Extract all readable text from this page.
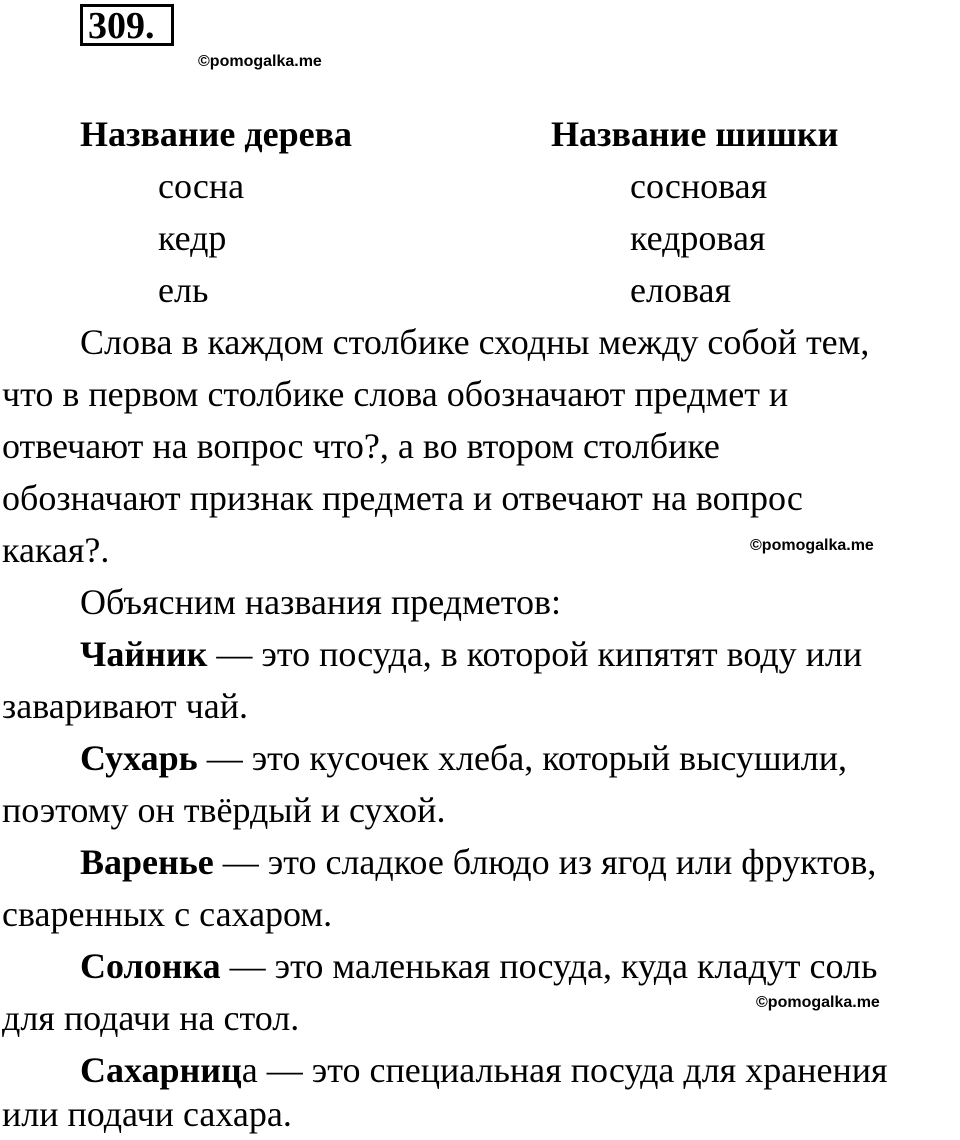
309.
©pomogalka.me
©pomogalka.me
©pomogalka.me
Название дерева	Название шишки
сосна	сосновая
кедр	кедровая
ель	еловая
Слова в каждом столбике сходны между собой тем,
что в первом столбике слова обозначают предмет и
отвечают на вопрос что?, а во втором столбике
обозначают признак предмета и отвечают на вопрос
какая?.
Объясним названия предметов:
Чайник — это посуда, в которой кипятят воду или
заваривают чай.
Сухарь — это кусочек хлеба, который высушили,
поэтому он твёрдый и сухой.
Варенье — это сладкое блюдо из ягод или фруктов,
сваренных с сахаром.
Солонка — это маленькая посуда, куда кладут соль
для подачи на стол.
Сахарница — это специальная посуда для хранения
или подачи сахара.
